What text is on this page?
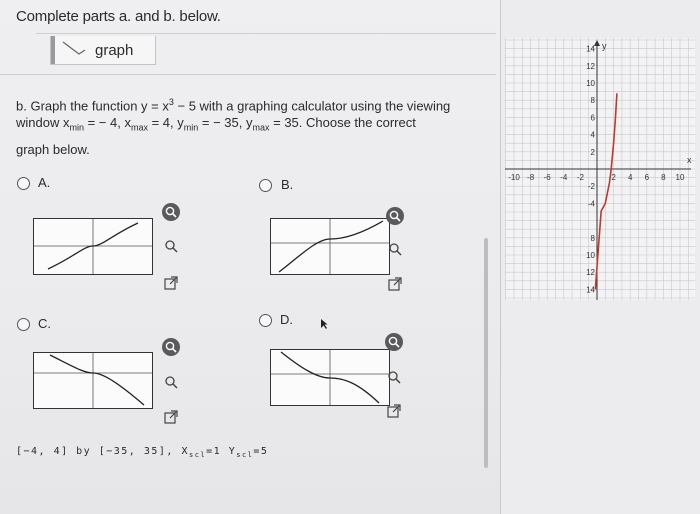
Complete parts a. and b. below.
graph
b. Graph the function $y = x^3 - 5$ with a graphing calculator using the viewing
window $x_{min}$ = − 4, $x_{max} = 4$, $y_{min}$ = − 35, $y_{max} = 35$. Choose the correct
graph below.
A.	B.
C.	D.
[−4, 4] by [−35, 35], $X_{scl}=1$ $Y_{scl}=5$
y
x
-10 -8 -6 -4 -2	2 4 6 8 10
14
12
10
8
6
4
2
-2
-4
8
10
12
14
